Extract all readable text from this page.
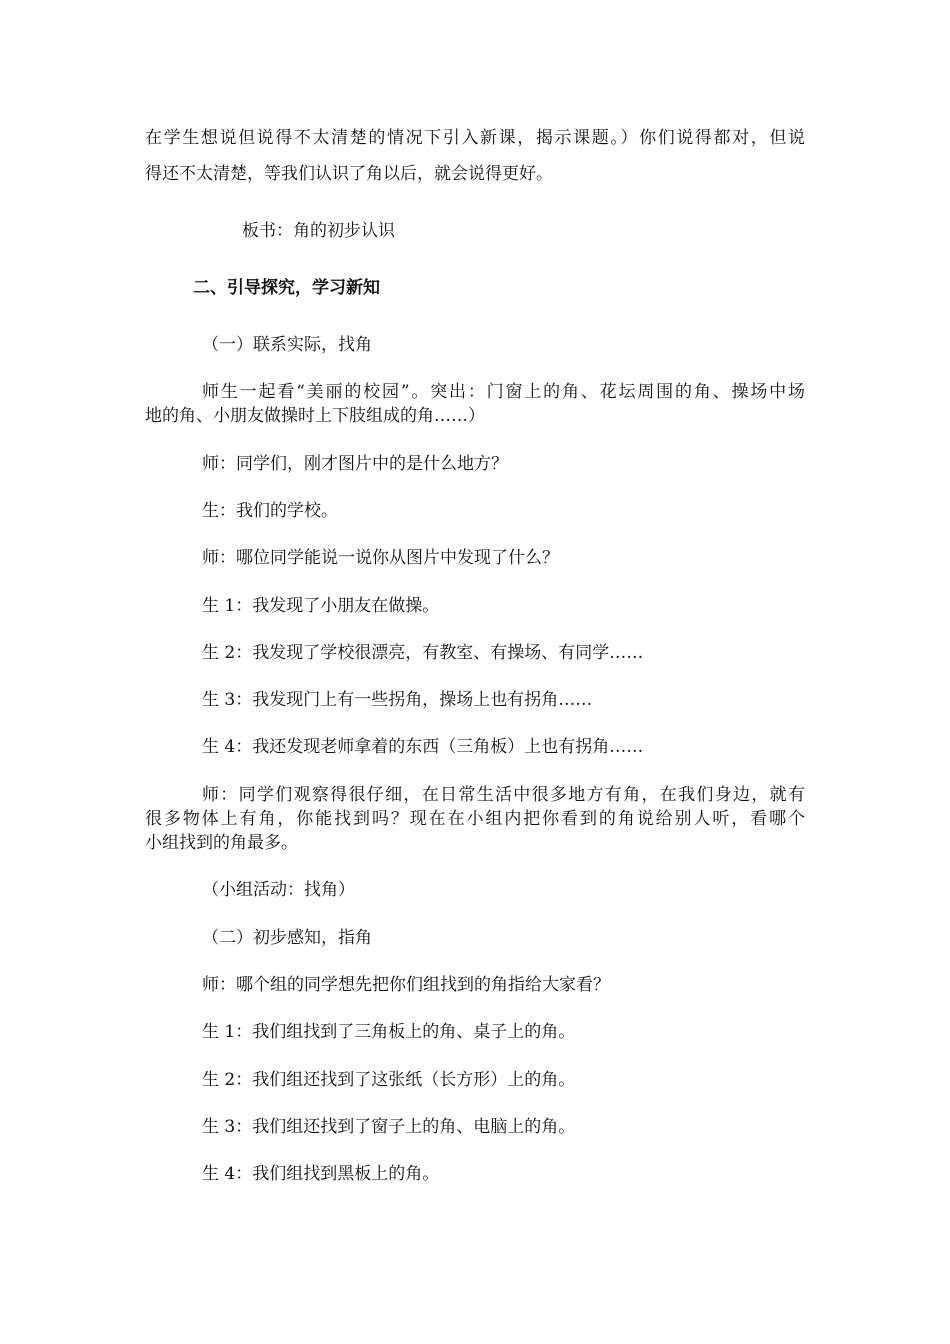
在学生想说但说得不太清楚的情况下引入新课，揭示课题。）你们说得都对，但说
得还不太清楚，等我们认识了角以后，就会说得更好。
板书：角的初步认识
二、引导探究，学习新知
（一）联系实际，找角
师生一起看“美丽的校园”。突出：门窗上的角、花坛周围的角、操场中场
地的角、小朋友做操时上下肢组成的角……）
师：同学们，刚才图片中的是什么地方？
生：我们的学校。
师：哪位同学能说一说你从图片中发现了什么？
生 1：我发现了小朋友在做操。
生 2：我发现了学校很漂亮，有教室、有操场、有同学……
生 3：我发现门上有一些拐角，操场上也有拐角……
生 4：我还发现老师拿着的东西（三角板）上也有拐角……
师：同学们观察得很仔细，在日常生活中很多地方有角，在我们身边，就有
很多物体上有角，你能找到吗？现在在小组内把你看到的角说给别人听，看哪个
小组找到的角最多。
（小组活动：找角）
（二）初步感知，指角
师：哪个组的同学想先把你们组找到的角指给大家看？
生 1：我们组找到了三角板上的角、桌子上的角。
生 2：我们组还找到了这张纸（长方形）上的角。
生 3：我们组还找到了窗子上的角、电脑上的角。
生 4：我们组找到黑板上的角。
